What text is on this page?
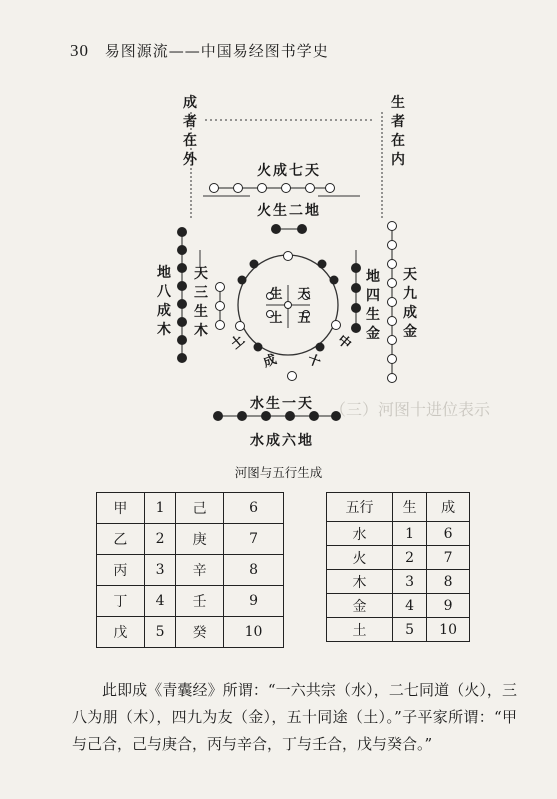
30 易图源流——中国易经图书学史
成者在外
生者在内
火成七天
火生二地
地八成木
天三生木
地四生金
天九成金
水生一天
水成六地
生 天
土 五
土	中
成 十
（三）河图十进位表示
河图与五行生成
甲	1	己	6
乙	2	庚	7
丙	3	辛	8
丁	4	壬	9
戊	5	癸	10
五行	生	成
水	1	6
火	2	7
木	3	8
金	4	9
土	5	10
此即成《青囊经》所谓：“一六共宗（水），二七同道（火），三八为朋（木），四九为友（金），五十同途（土）。”子平家所谓：“甲与己合，己与庚合，丙与辛合，丁与壬合，戊与癸合。”
